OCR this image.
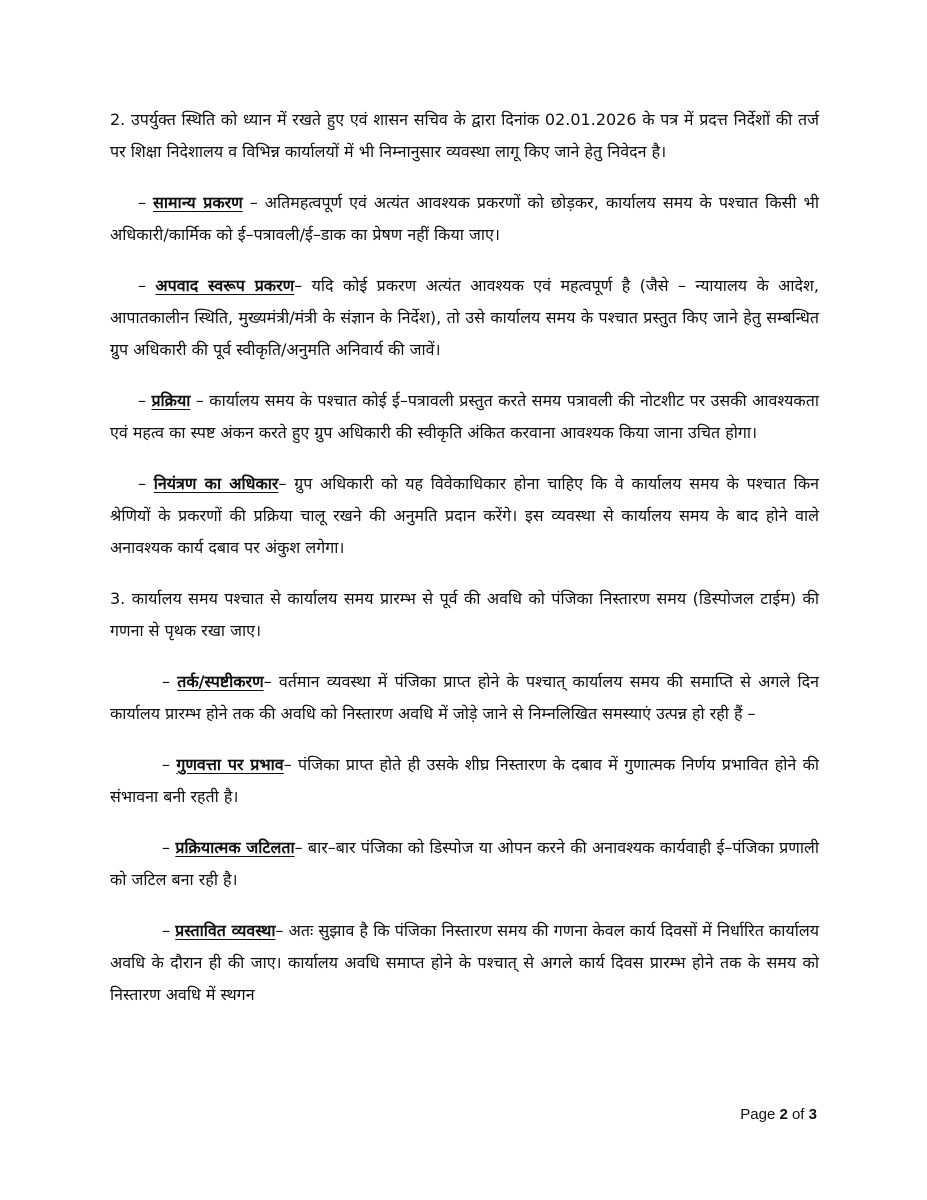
2. उपर्युक्त स्थिति को ध्यान में रखते हुए एवं शासन सचिव के द्वारा दिनांक 02.01.2026 के पत्र में प्रदत्त निर्देशों की तर्ज पर शिक्षा निदेशालय व विभिन्न कार्यालयों में भी निम्नानुसार व्यवस्था लागू किए जाने हेतु निवेदन है।

– सामान्य प्रकरण – अतिमहत्वपूर्ण एवं अत्यंत आवश्यक प्रकरणों को छोड़कर, कार्यालय समय के पश्चात किसी भी अधिकारी/कार्मिक को ई–पत्रावली/ई–डाक का प्रेषण नहीं किया जाए।

– अपवाद स्वरूप प्रकरण– यदि कोई प्रकरण अत्यंत आवश्यक एवं महत्वपूर्ण है (जैसे – न्यायालय के आदेश, आपातकालीन स्थिति, मुख्यमंत्री/मंत्री के संज्ञान के निर्देश), तो उसे कार्यालय समय के पश्चात प्रस्तुत किए जाने हेतु सम्बन्धित ग्रुप अधिकारी की पूर्व स्वीकृति/अनुमति अनिवार्य की जावें।

– प्रक्रिया – कार्यालय समय के पश्चात कोई ई–पत्रावली प्रस्तुत करते समय पत्रावली की नोटशीट पर उसकी आवश्यकता एवं महत्व का स्पष्ट अंकन करते हुए ग्रुप अधिकारी की स्वीकृति अंकित करवाना आवश्यक किया जाना उचित होगा।

– नियंत्रण का अधिकार– ग्रुप अधिकारी को यह विवेकाधिकार होना चाहिए कि वे कार्यालय समय के पश्चात किन श्रेणियों के प्रकरणों की प्रक्रिया चालू रखने की अनुमति प्रदान करेंगे। इस व्यवस्था से कार्यालय समय के बाद होने वाले अनावश्यक कार्य दबाव पर अंकुश लगेगा।

3. कार्यालय समय पश्चात से कार्यालय समय प्रारम्भ से पूर्व की अवधि को पंजिका निस्तारण समय (डिस्पोजल टाईम) की गणना से पृथक रखा जाए।

– तर्क/स्पष्टीकरण– वर्तमान व्यवस्था में पंजिका प्राप्त होने के पश्चात् कार्यालय समय की समाप्ति से अगले दिन कार्यालय प्रारम्भ होने तक की अवधि को निस्तारण अवधि में जोड़े जाने से निम्नलिखित समस्याएं उत्पन्न हो रही हैं –

– गुणवत्ता पर प्रभाव– पंजिका प्राप्त होते ही उसके शीघ्र निस्तारण के दबाव में गुणात्मक निर्णय प्रभावित होने की संभावना बनी रहती है।

– प्रक्रियात्मक जटिलता– बार–बार पंजिका को डिस्पोज या ओपन करने की अनावश्यक कार्यवाही ई–पंजिका प्रणाली को जटिल बना रही है।

– प्रस्तावित व्यवस्था– अतः सुझाव है कि पंजिका निस्तारण समय की गणना केवल कार्य दिवसों में निर्धारित कार्यालय अवधि के दौरान ही की जाए। कार्यालय अवधि समाप्त होने के पश्चात् से अगले कार्य दिवस प्रारम्भ होने तक के समय को निस्तारण अवधि में स्थगन

Page 2 of 3
